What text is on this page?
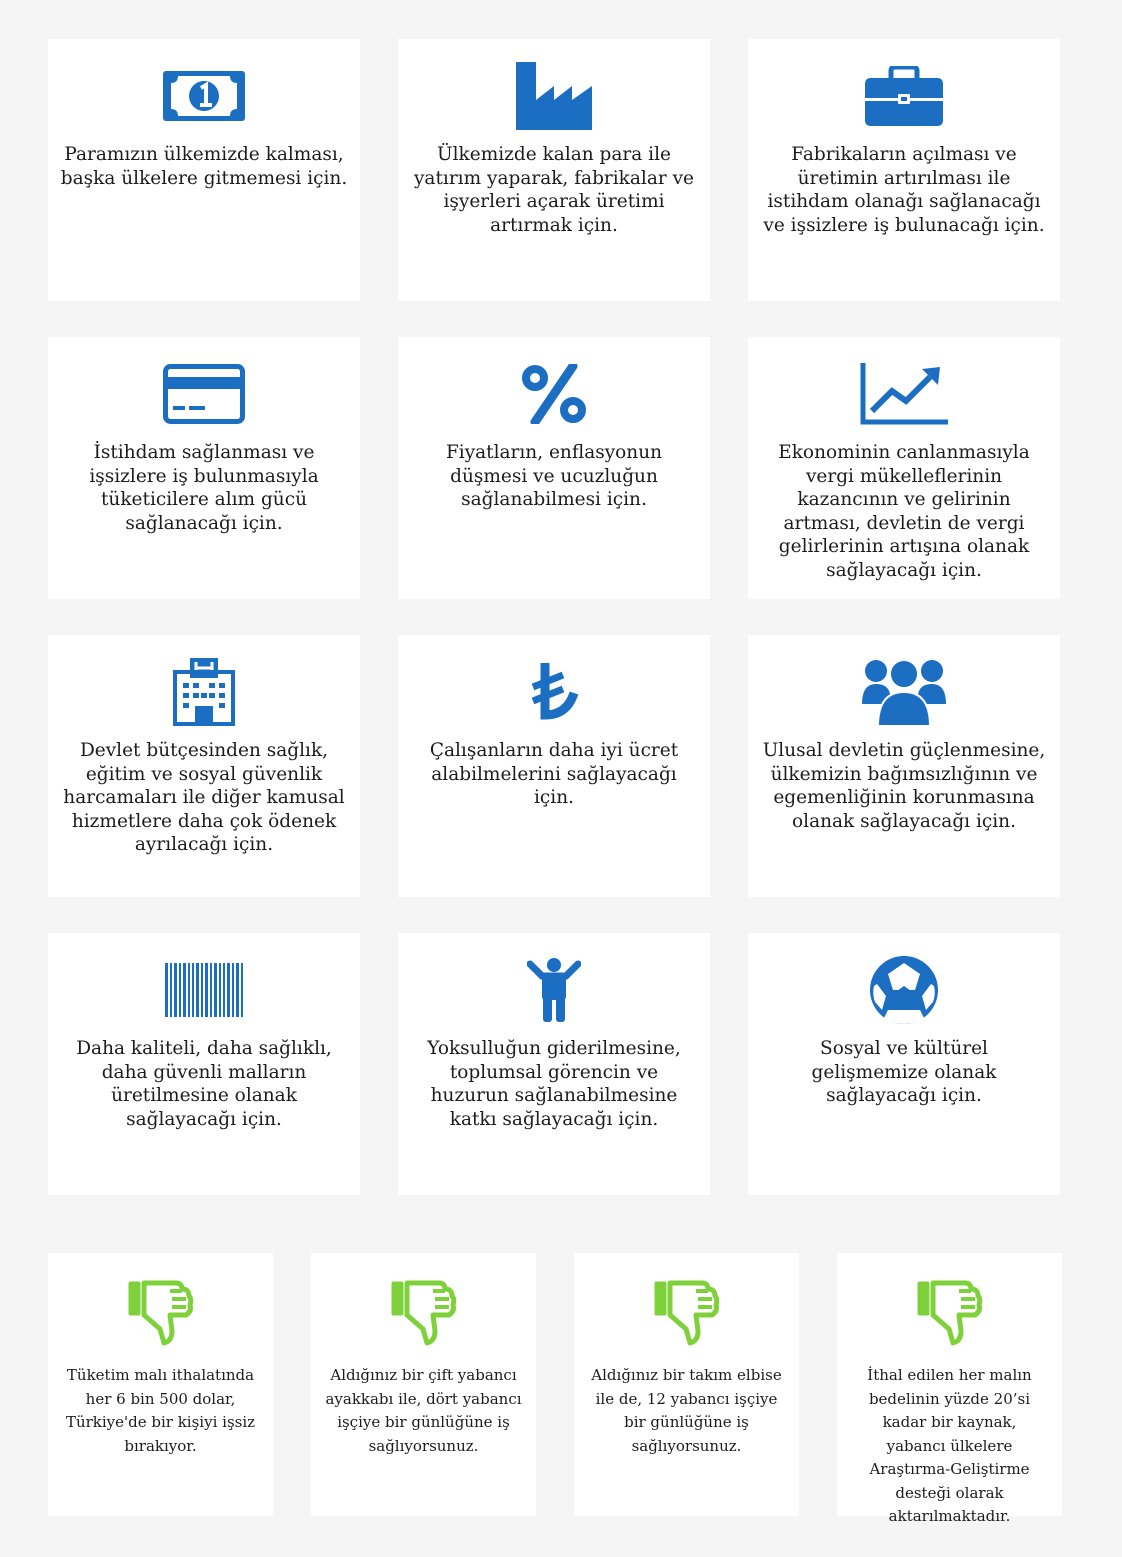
Paramızın ülkemizde kalması, başka ülkelere gitmemesi için.
Ülkemizde kalan para ile yatırım yaparak, fabrikalar ve işyerleri açarak üretimi artırmak için.
Fabrikaların açılması ve üretimin artırılması ile istihdam olanağı sağlanacağı ve işsizlere iş bulunacağı için.
İstihdam sağlanması ve işsizlere iş bulunmasıyla tüketicilere alım gücü sağlanacağı için.
Fiyatların, enflasyonun düşmesi ve ucuzluğun sağlanabilmesi için.
Ekonominin canlanmasıyla vergi mükelleflerinin kazancının ve gelirinin artması, devletin de vergi gelirlerinin artışına olanak sağlayacağı için.
Devlet bütçesinden sağlık, eğitim ve sosyal güvenlik harcamaları ile diğer kamusal hizmetlere daha çok ödenek ayrılacağı için.
Çalışanların daha iyi ücret alabilmelerini sağlayacağı için.
Ulusal devletin güçlenmesine, ülkemizin bağımsızlığının ve egemenliğinin korunmasına olanak sağlayacağı için.
Daha kaliteli, daha sağlıklı, daha güvenli malların üretilmesine olanak sağlayacağı için.
Yoksulluğun giderilmesine, toplumsal görencin ve huzurun sağlanabilmesine katkı sağlayacağı için.
Sosyal ve kültürel gelişmemize olanak sağlayacağı için.
Tüketim malı ithalatında her 6 bin 500 dolar, Türkiye'de bir kişiyi işsiz bırakıyor.
Aldığınız bir çift yabancı ayakkabı ile, dört yabancı işçiye bir günlüğüne iş sağlıyorsunuz.
Aldığınız bir takım elbise ile de, 12 yabancı işçiye bir günlüğüne iş sağlıyorsunuz.
İthal edilen her malın bedelinin yüzde 20’si kadar bir kaynak, yabancı ülkelere Araştırma-Geliştirme desteği olarak aktarılmaktadır.
